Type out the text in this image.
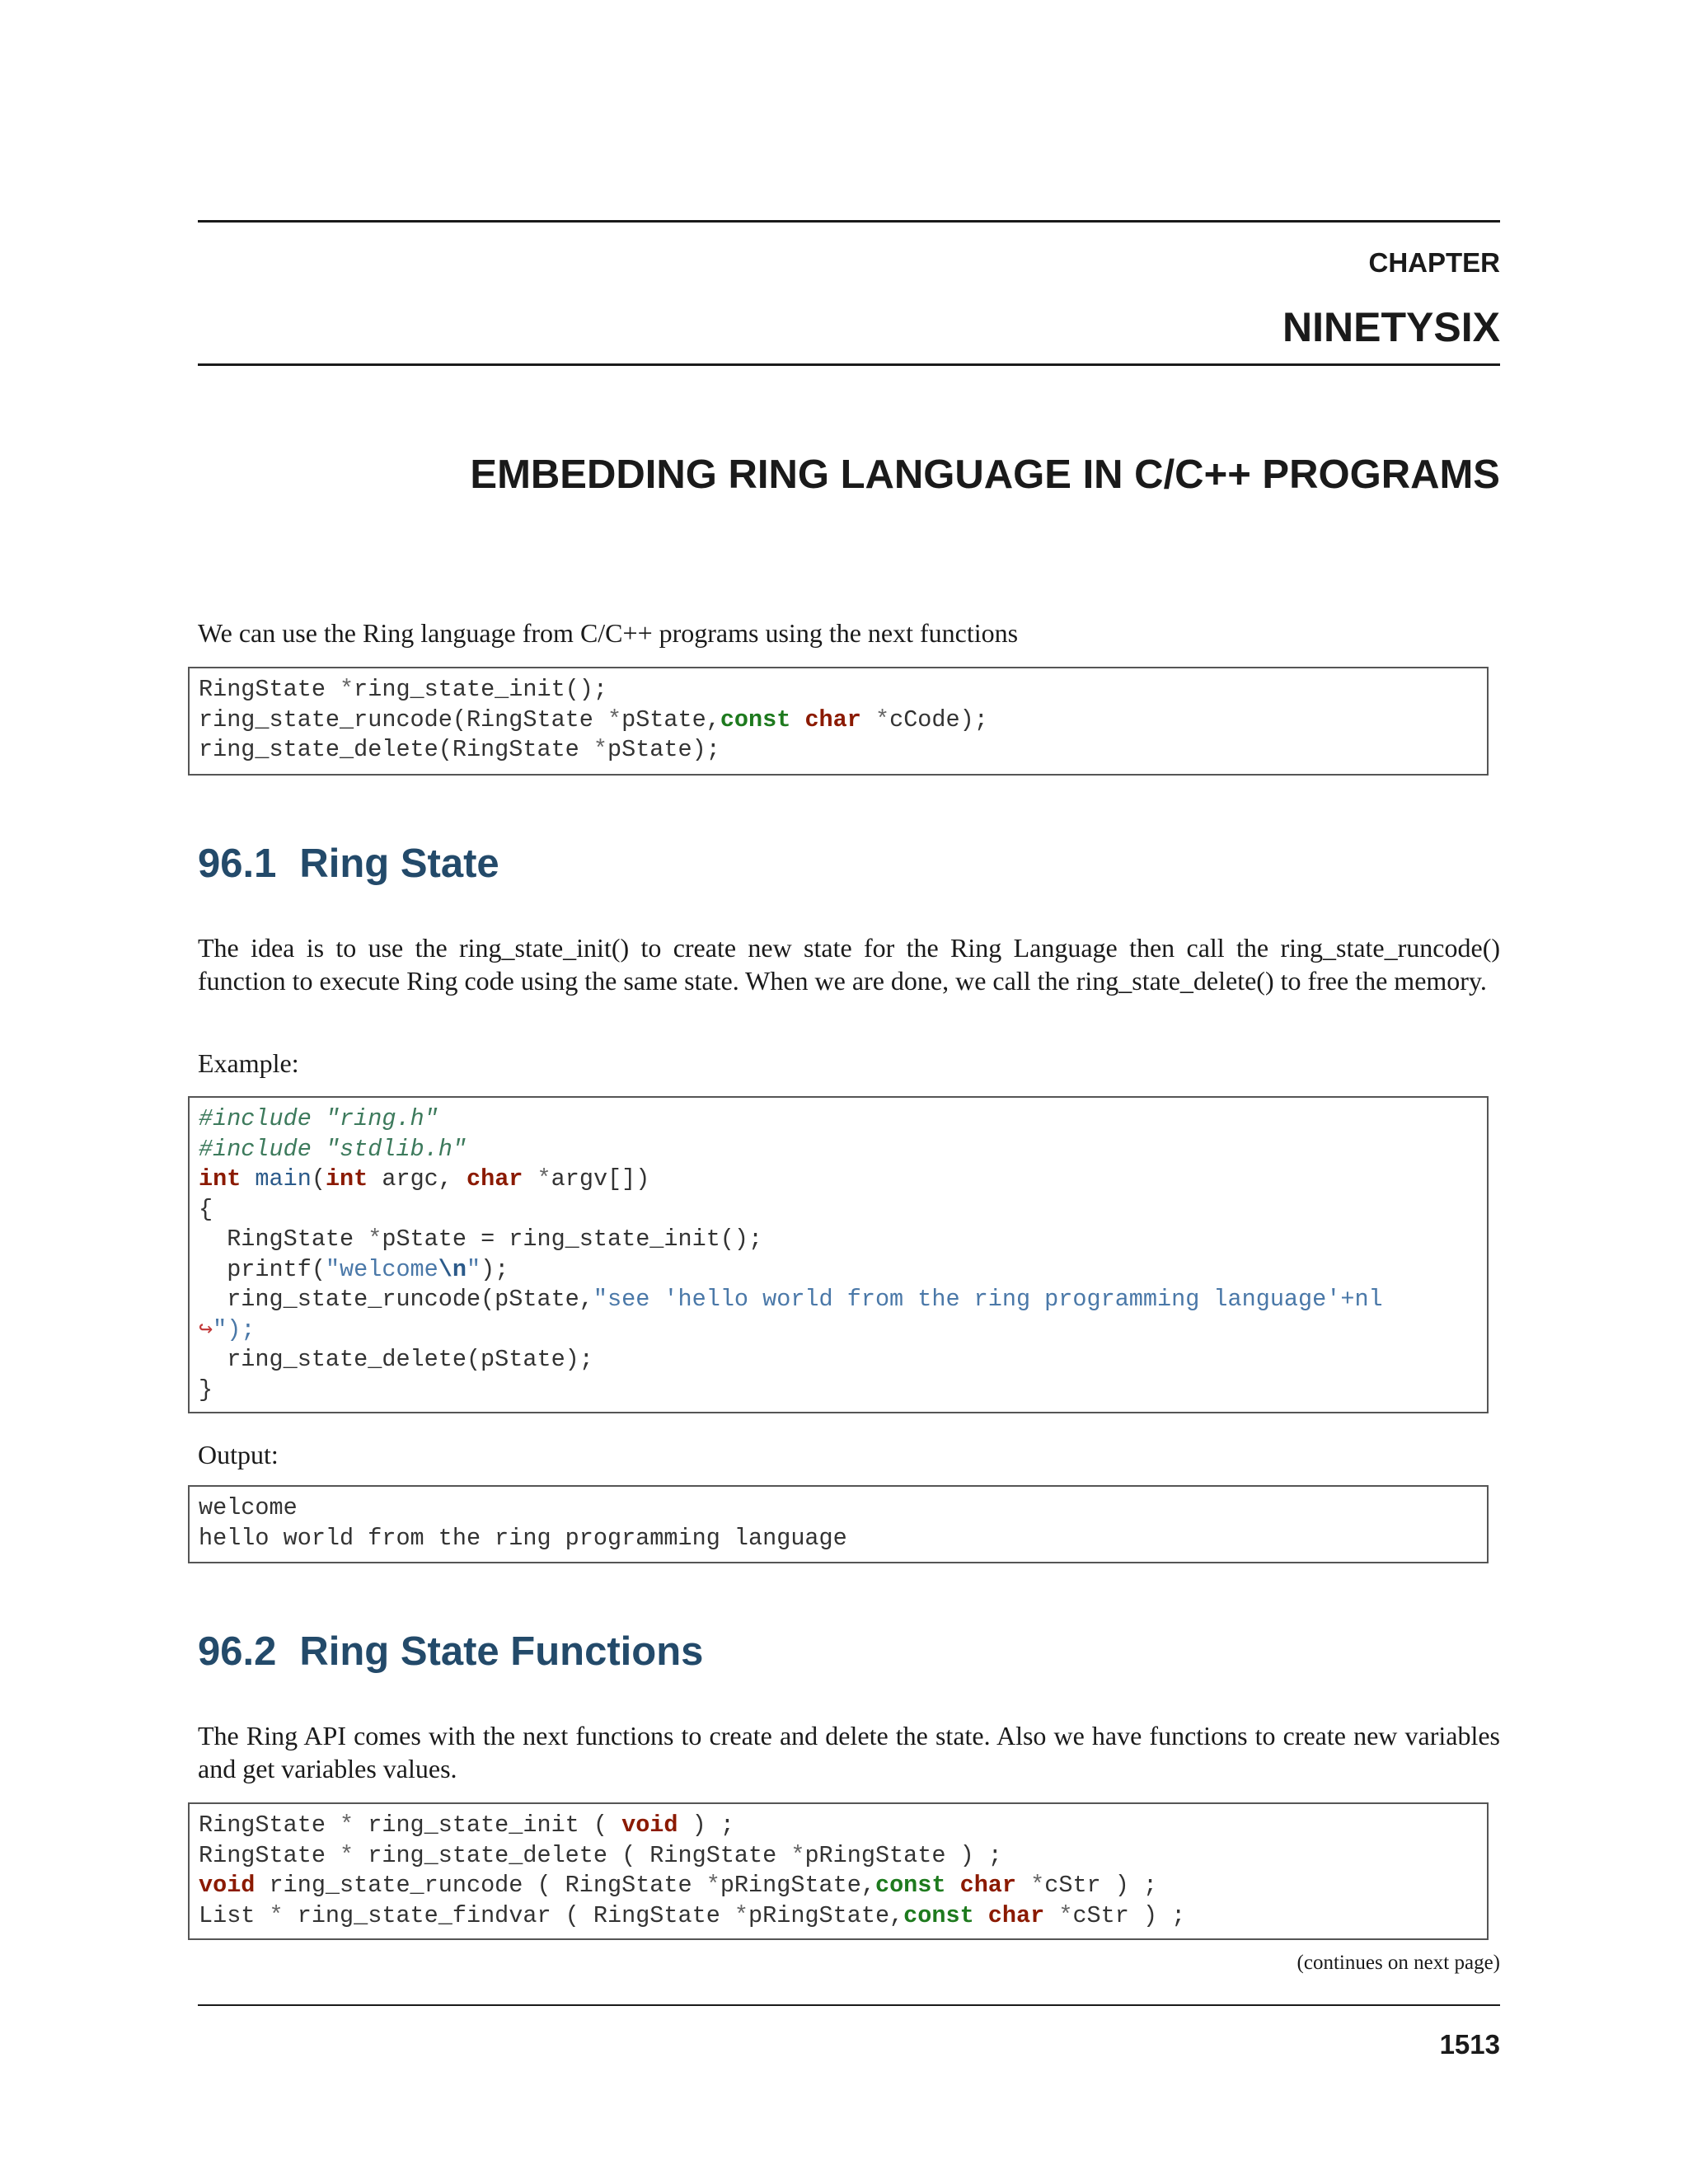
CHAPTER
NINETYSIX
EMBEDDING RING LANGUAGE IN C/C++ PROGRAMS
We can use the Ring language from C/C++ programs using the next functions
RingState *ring_state_init();
ring_state_runcode(RingState *pState,const char *cCode);
ring_state_delete(RingState *pState);
96.1 Ring State
The idea is to use the ring_state_init() to create new state for the Ring Language then call the ring_state_runcode() function to execute Ring code using the same state. When we are done, we call the ring_state_delete() to free the memory.
Example:
#include "ring.h"
#include "stdlib.h"
int main(int argc, char *argv[])
{
RingState *pState = ring_state_init();
printf("welcome\n");
ring_state_runcode(pState,"see 'hello world from the ring programming language'+nl
↪");
ring_state_delete(pState);
}
Output:
welcome
hello world from the ring programming language
96.2 Ring State Functions
The Ring API comes with the next functions to create and delete the state. Also we have functions to create new variables and get variables values.
RingState * ring_state_init ( void ) ;
RingState * ring_state_delete ( RingState *pRingState ) ;
void ring_state_runcode ( RingState *pRingState,const char *cStr ) ;
List * ring_state_findvar ( RingState *pRingState,const char *cStr ) ;
(continues on next page)
1513
